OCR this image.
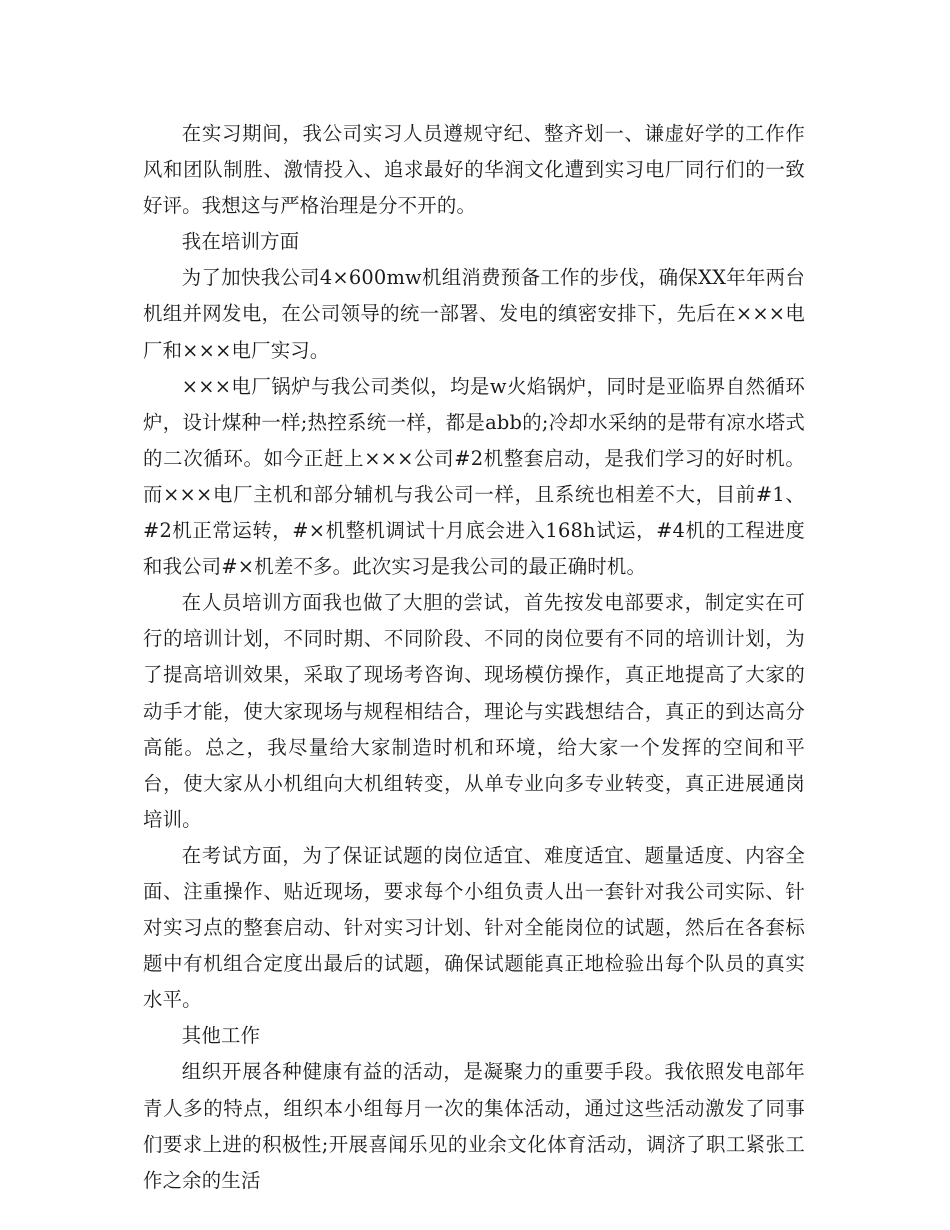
在实习期间，我公司实习人员遵规守纪、整齐划一、谦虚好学的工作作风和团队制胜、激情投入、追求最好的华润文化遭到实习电厂同行们的一致好评。我想这与严格治理是分不开的。

我在培训方面

为了加快我公司4×600mw机组消费预备工作的步伐，确保XX年年两台机组并网发电，在公司领导的统一部署、发电的缜密安排下，先后在×××电厂和×××电厂实习。

×××电厂锅炉与我公司类似，均是w火焰锅炉，同时是亚临界自然循环炉，设计煤种一样;热控系统一样，都是abb的;冷却水采纳的是带有凉水塔式的二次循环。如今正赶上×××公司#2机整套启动，是我们学习的好时机。而×××电厂主机和部分辅机与我公司一样，且系统也相差不大，目前#1、#2机正常运转，#×机整机调试十月底会进入168h试运，#4机的工程进度和我公司#×机差不多。此次实习是我公司的最正确时机。

在人员培训方面我也做了大胆的尝试，首先按发电部要求，制定实在可行的培训计划，不同时期、不同阶段、不同的岗位要有不同的培训计划，为了提高培训效果，采取了现场考咨询、现场模仿操作，真正地提高了大家的动手才能，使大家现场与规程相结合，理论与实践想结合，真正的到达高分高能。总之，我尽量给大家制造时机和环境，给大家一个发挥的空间和平台，使大家从小机组向大机组转变，从单专业向多专业转变，真正进展通岗培训。

在考试方面，为了保证试题的岗位适宜、难度适宜、题量适度、内容全面、注重操作、贴近现场，要求每个小组负责人出一套针对我公司实际、针对实习点的整套启动、针对实习计划、针对全能岗位的试题，然后在各套标题中有机组合定度出最后的试题，确保试题能真正地检验出每个队员的真实水平。

其他工作

组织开展各种健康有益的活动，是凝聚力的重要手段。我依照发电部年青人多的特点，组织本小组每月一次的集体活动，通过这些活动激发了同事们要求上进的积极性;开展喜闻乐见的业余文化体育活动，调济了职工紧张工作之余的生活
